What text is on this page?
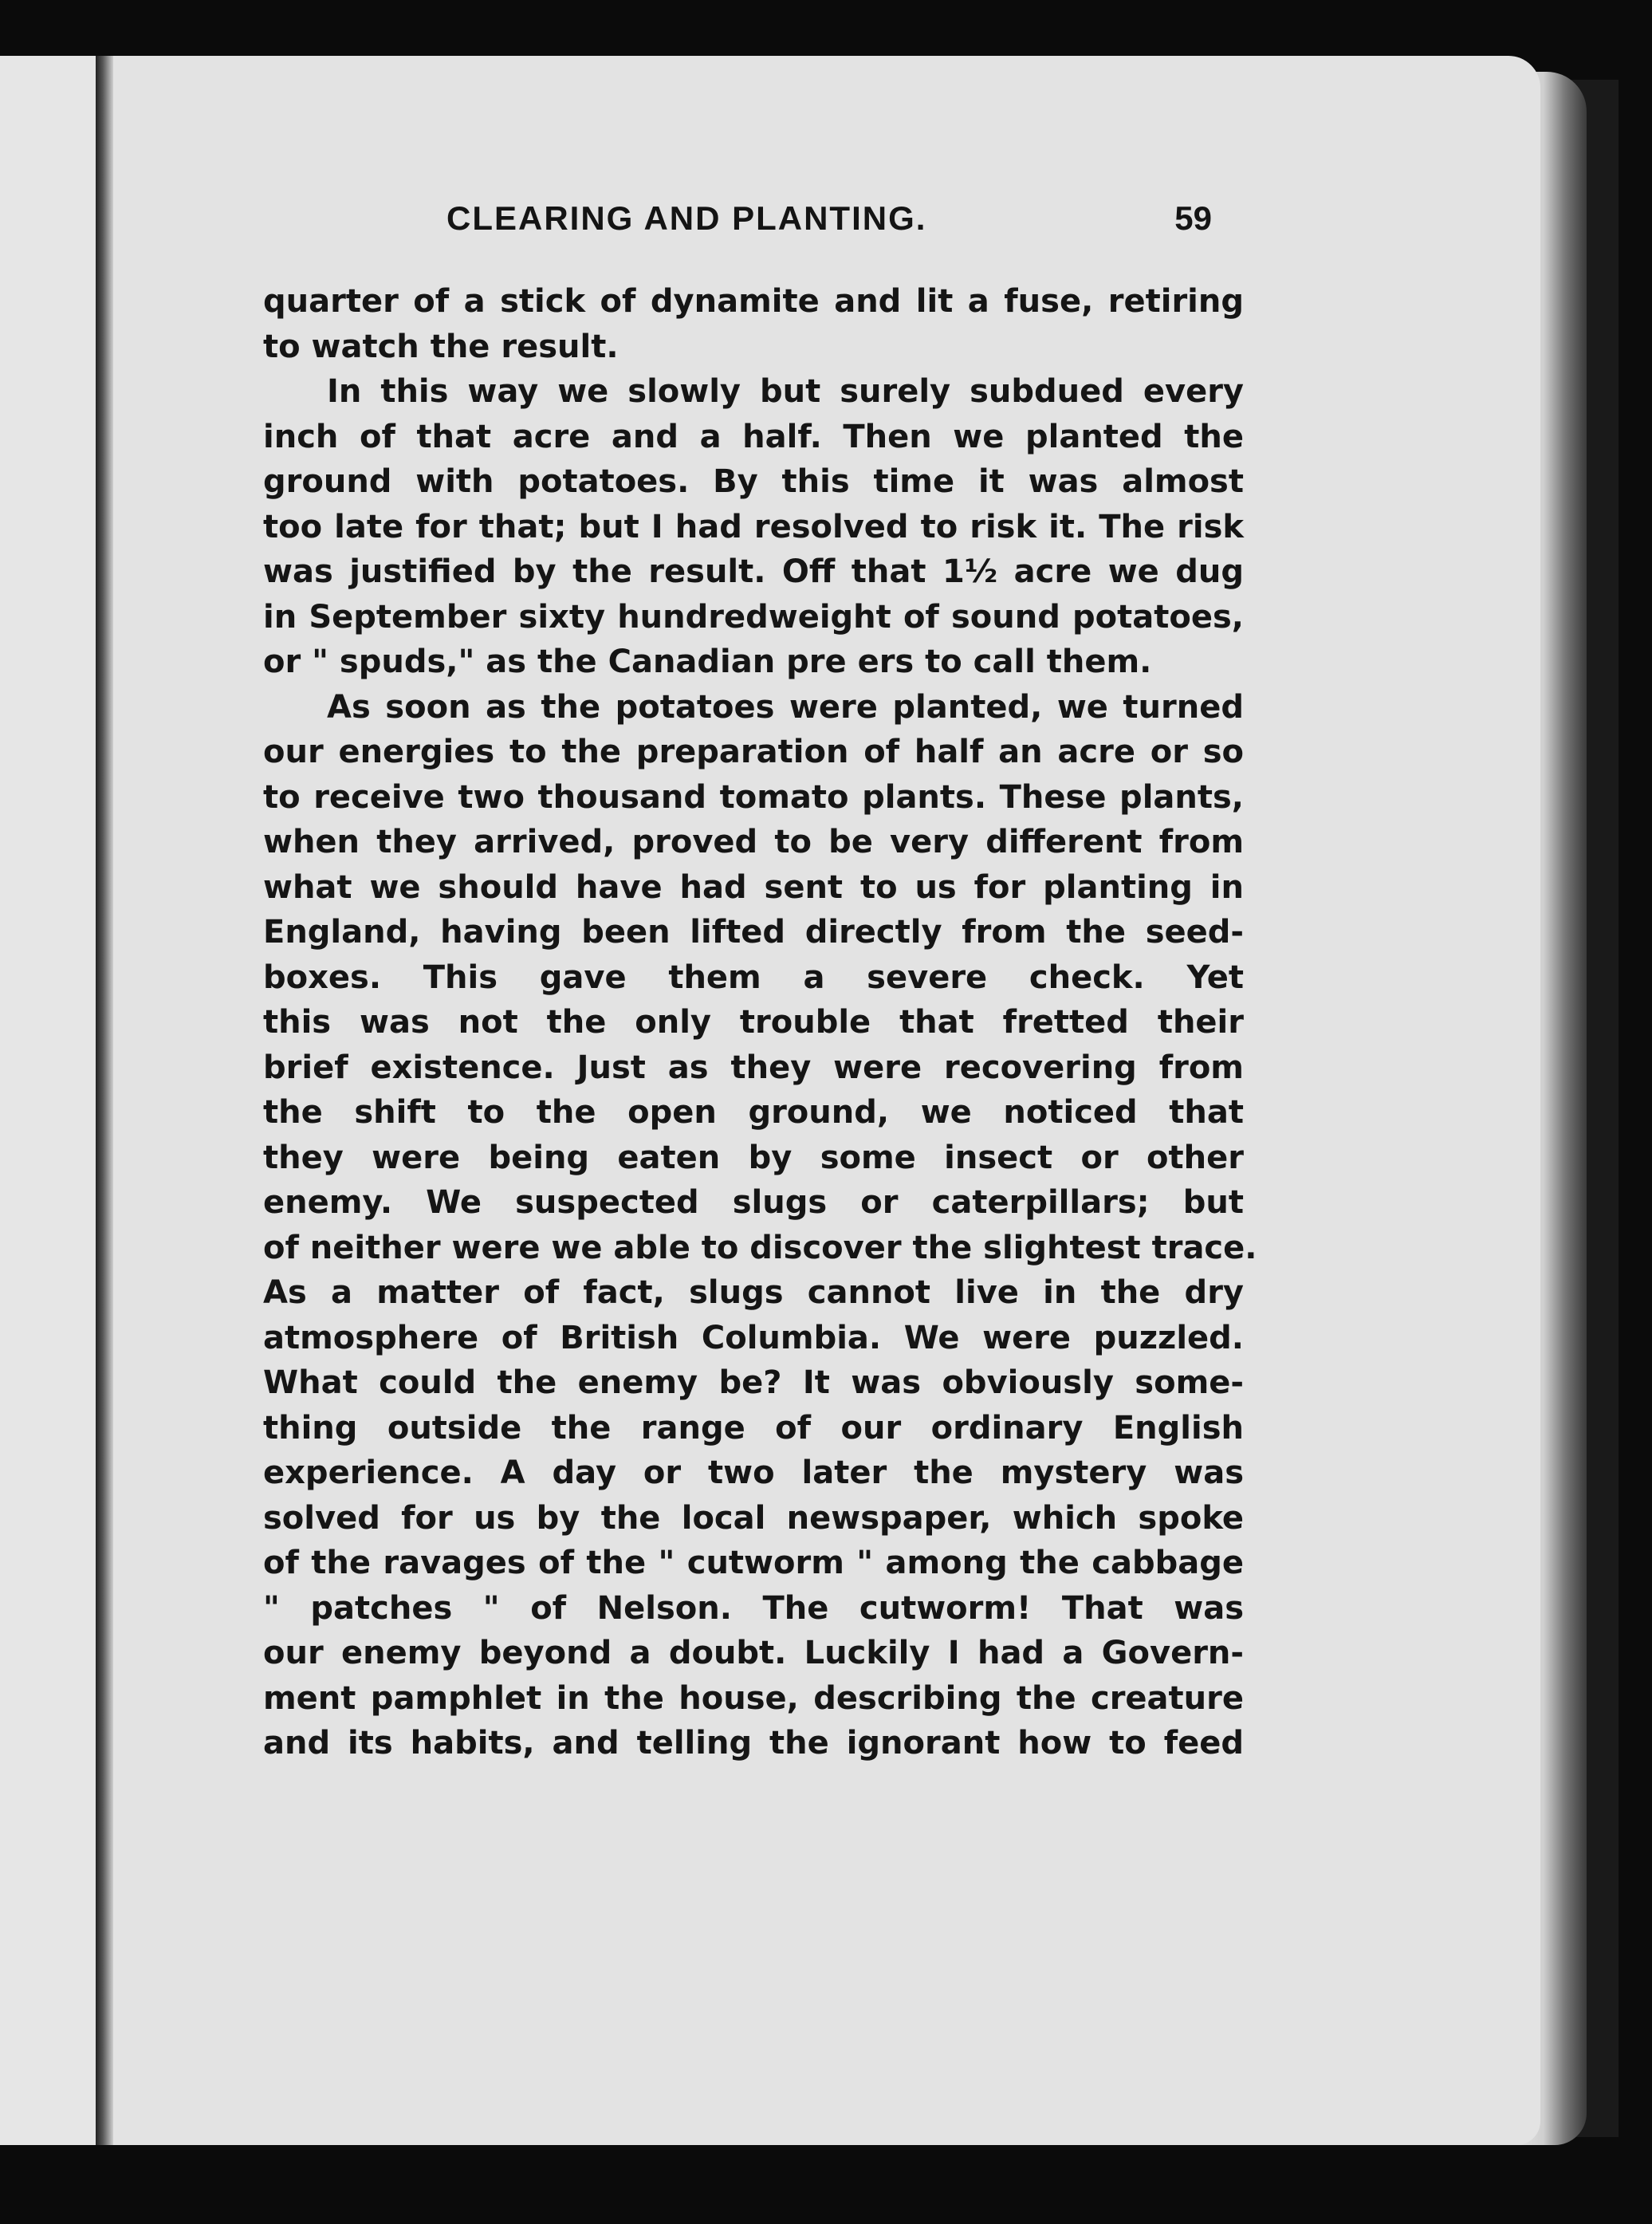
CLEARING AND PLANTING.	59
quarter of a stick of dynamite and lit a fuse, retiring
to watch the result.
In this way we slowly but surely subdued every
inch of that acre and a half. Then we planted the
ground with potatoes. By this time it was almost
too late for that; but I had resolved to risk it. The risk
was justified by the result. Off that 1½ acre we dug
in September sixty hundredweight of sound potatoes,
or " spuds," as the Canadian pre ers to call them.
As soon as the potatoes were planted, we turned
our energies to the preparation of half an acre or so
to receive two thousand tomato plants. These plants,
when they arrived, proved to be very different from
what we should have had sent to us for planting in
England, having been lifted directly from the seed-
boxes. This gave them a severe check. Yet
this was not the only trouble that fretted their
brief existence. Just as they were recovering from
the shift to the open ground, we noticed that
they were being eaten by some insect or other
enemy. We suspected slugs or caterpillars; but
of neither were we able to discover the slightest trace.
As a matter of fact, slugs cannot live in the dry
atmosphere of British Columbia. We were puzzled.
What could the enemy be? It was obviously some-
thing outside the range of our ordinary English
experience. A day or two later the mystery was
solved for us by the local newspaper, which spoke
of the ravages of the " cutworm " among the cabbage
" patches " of Nelson. The cutworm! That was
our enemy beyond a doubt. Luckily I had a Govern-
ment pamphlet in the house, describing the creature
and its habits, and telling the ignorant how to feed
